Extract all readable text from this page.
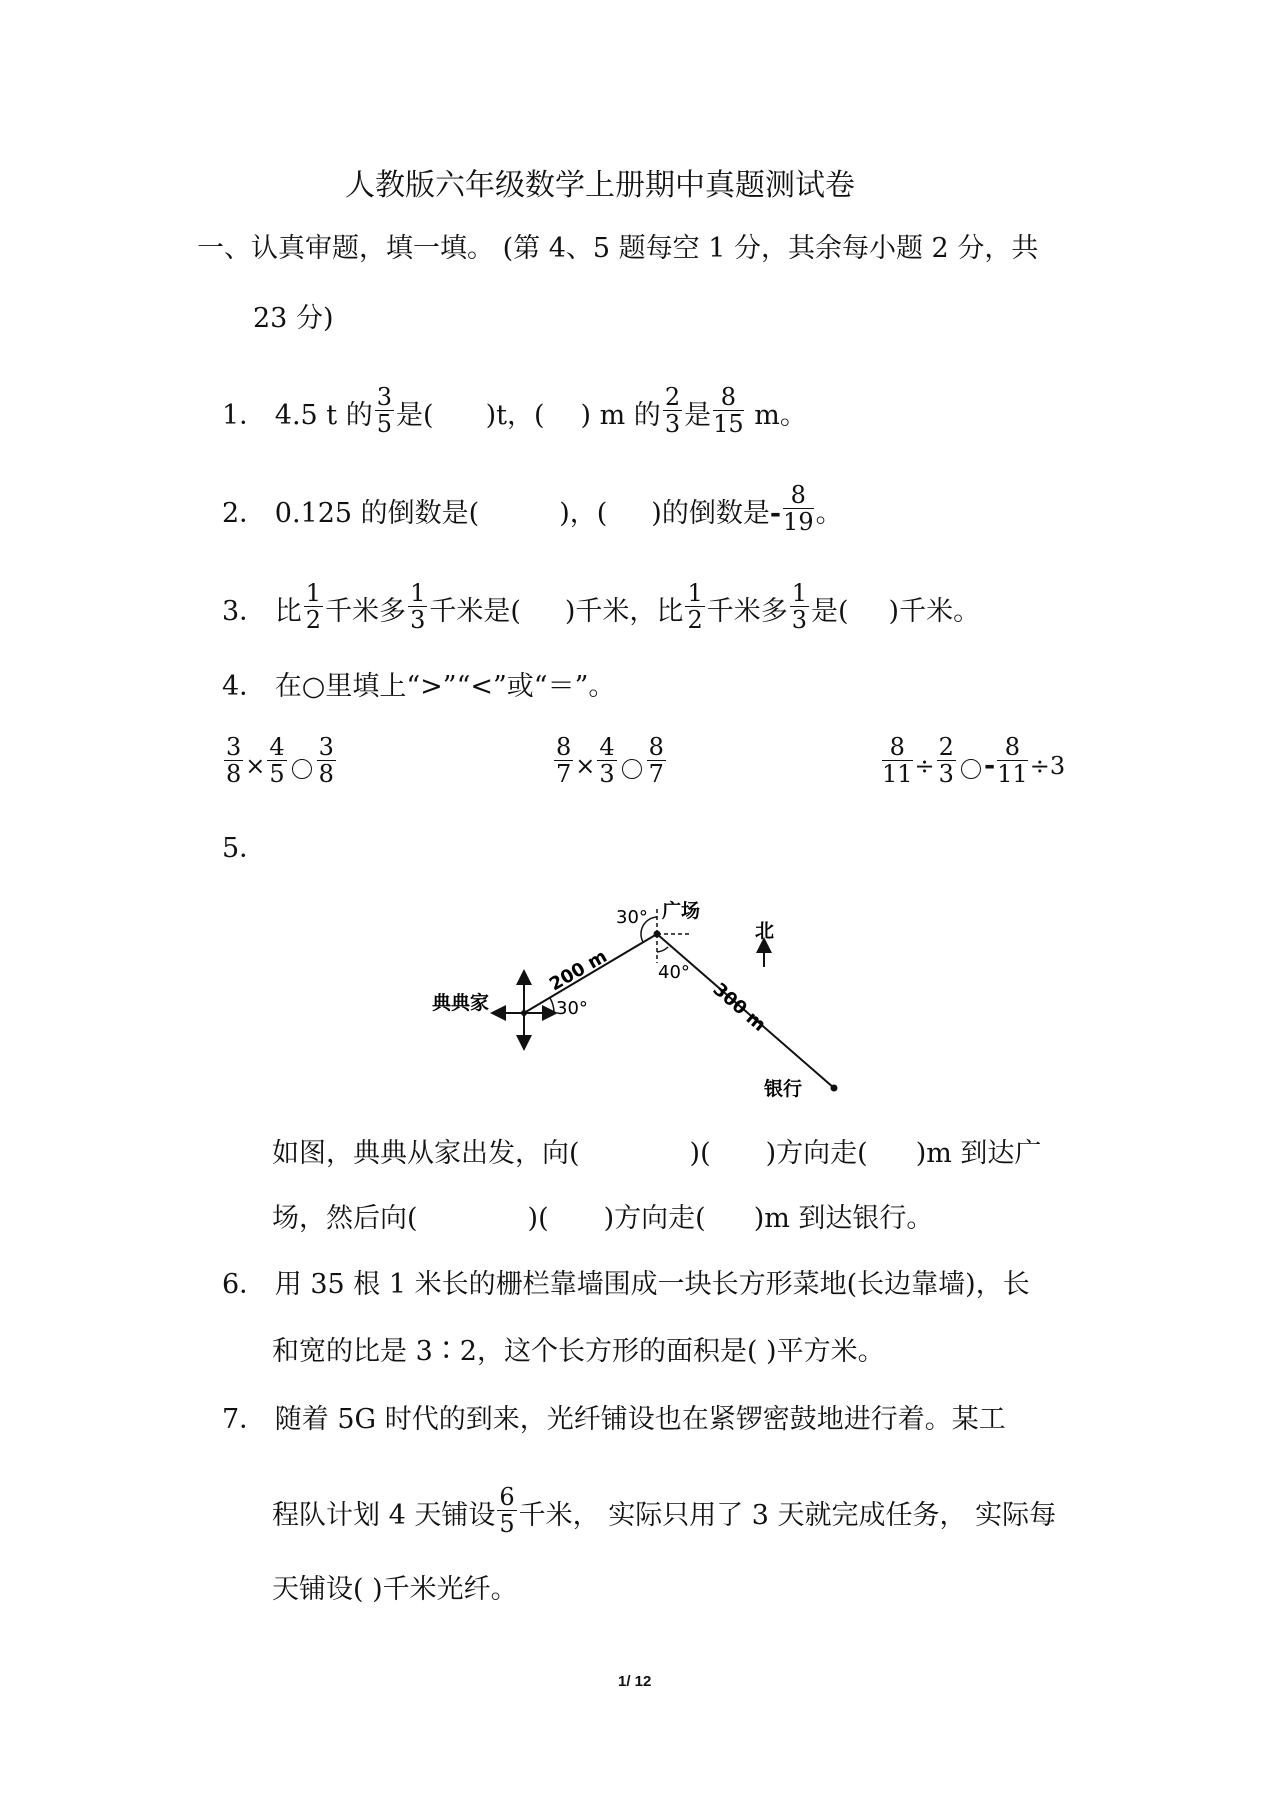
人教版六年级数学上册期中真题测试卷
一、认真审题，填一填。 (第 4、5 题每空 1 分，其余每小题 2 分，共
23 分)
1． 4.5 t 的 $\frac{3}{5}$ 是( )t，( ) m 的 $\frac{2}{3}$ 是 $\frac{8}{15}$ m。
2． 0.125 的倒数是(	)，( )的倒数是- $\frac{8}{19}$ 。
3． 比 $\frac{1}{2}$ 千米多 $\frac{1}{3}$ 千米是( )千米，比 $\frac{1}{2}$ 千米多 $\frac{1}{3}$ 是( )千米。
4． 在○里填上“>”“<”或“＝”。
$\frac{3}{8} \times \frac{4}{5} \frac{3}{8}$	$\frac{8}{7} \times \frac{4}{3} \frac{8}{7}$	$\frac{8}{11} \div \frac{2}{3} - \frac{8}{11} \div 3$
5．
典典家
广场
银行
北
200 m
300 m
30°
30°
40°
如图，典典从家出发，向(	)( )方向走( )m 到达广
场，然后向(	)( )方向走( )m 到达银行。
6． 用 35 根 1 米长的栅栏靠墙围成一块长方形菜地(长边靠墙)，长
和宽的比是 3∶2，这个长方形的面积是( )平方米。
7． 随着 5G 时代的到来，光纤铺设也在紧锣密鼓地进行着。某工
程队计划 4 天铺设 $\frac{6}{5}$ 千米， 实际只用了 3 天就完成任务， 实际每
天铺设( )千米光纤。
1/ 12
